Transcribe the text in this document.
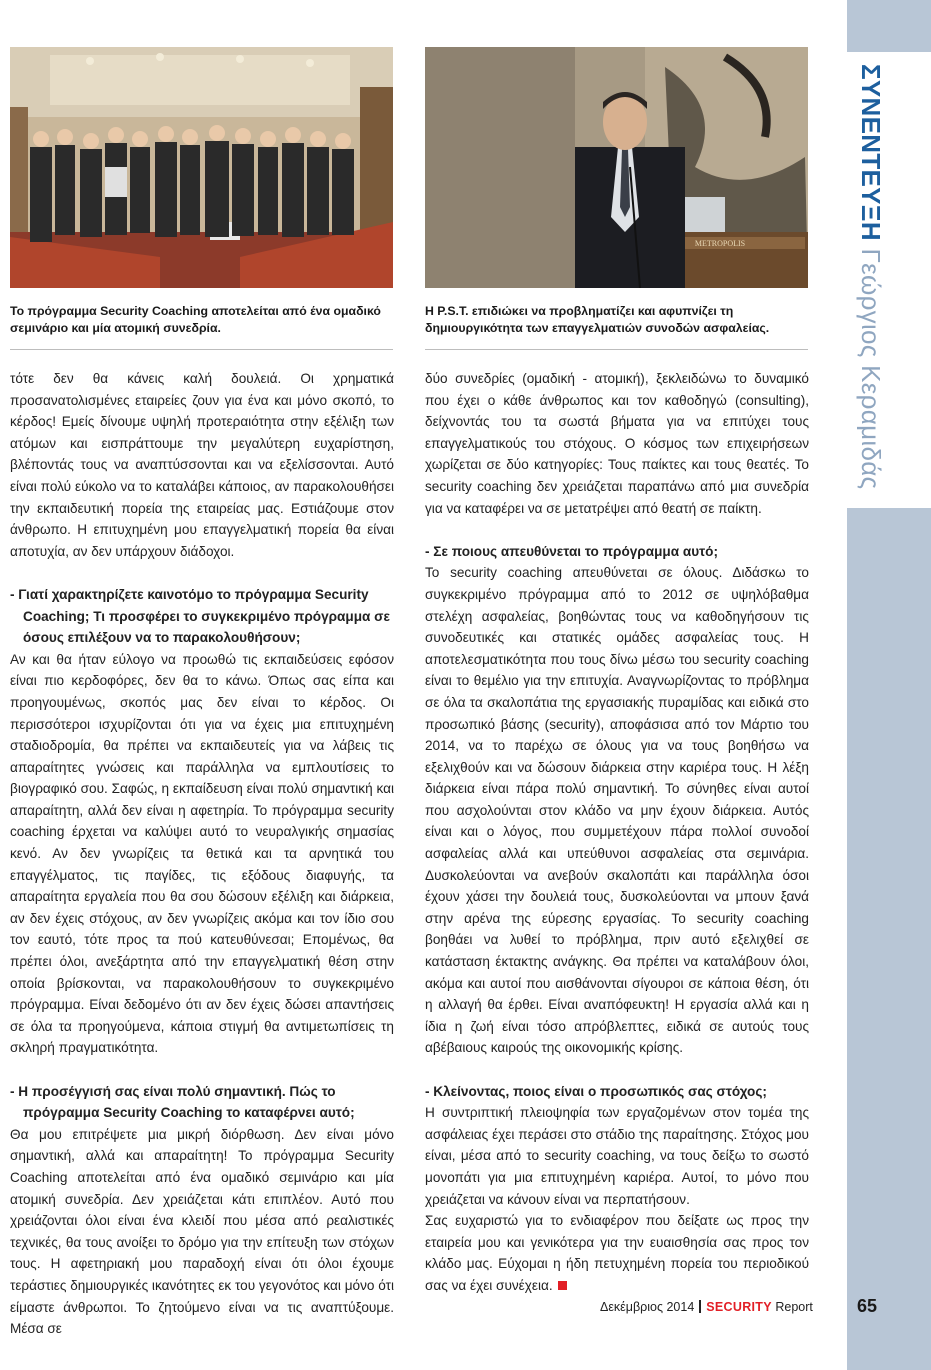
ΣΥΝΕΝΤΕΥΞΗ Γεώργιος Κεραμιδάς
METROPOLIS
Το πρόγραμμα Security Coaching αποτελείται από ένα ομαδικό σεμινάριο και μία ατομική συνεδρία.
Η P.S.T. επιδιώκει να προβληματίζει και αφυπνίζει τη δημιουργικότητα των επαγγελματιών συνοδών ασφαλείας.

τότε δεν θα κάνεις καλή δουλειά. Οι χρηματικά προσανατολισμένες εταιρείες ζουν για ένα και μόνο σκοπό, το κέρδος! Εμείς δίνουμε υψηλή προτεραιότητα στην εξέλιξη των ατόμων και εισπράττουμε την μεγαλύτερη ευχαρίστηση, βλέποντάς τους να αναπτύσσονται και να εξελίσσονται. Αυτό είναι πολύ εύκολο να το καταλάβει κάποιος, αν παρακολουθήσει την εκπαιδευτική πορεία της εταιρείας μας. Εστιάζουμε στον άνθρωπο. Η επιτυχημένη μου επαγγελματική πορεία θα είναι αποτυχία, αν δεν υπάρχουν διάδοχοι.

- Γιατί χαρακτηρίζετε καινοτόμο το πρόγραμμα Security Coaching; Τι προσφέρει το συγκεκριμένο πρόγραμμα σε όσους επιλέξουν να το παρακολουθήσουν;

Αν και θα ήταν εύλογο να προωθώ τις εκπαιδεύσεις εφόσον είναι πιο κερδοφόρες, δεν θα το κάνω. Όπως σας είπα και προηγουμένως, σκοπός μας δεν είναι το κέρδος. Οι περισσότεροι ισχυρίζονται ότι για να έχεις μια επιτυχημένη σταδιοδρομία, θα πρέπει να εκπαιδευτείς για να λάβεις τις απαραίτητες γνώσεις και παράλληλα να εμπλουτίσεις το βιογραφικό σου. Σαφώς, η εκπαίδευση είναι πολύ σημαντική και απαραίτητη, αλλά δεν είναι η αφετηρία. Το πρόγραμμα security coaching έρχεται να καλύψει αυτό το νευραλγικής σημασίας κενό. Αν δεν γνωρίζεις τα θετικά και τα αρνητικά του επαγγέλματος, τις παγίδες, τις εξόδους διαφυγής, τα απαραίτητα εργαλεία που θα σου δώσουν εξέλιξη και διάρκεια, αν δεν έχεις στόχους, αν δεν γνωρίζεις ακόμα και τον ίδιο σου τον εαυτό, τότε προς τα πού κατευθύνεσαι; Επομένως, θα πρέπει όλοι, ανεξάρτητα από την επαγγελματική θέση στην οποία βρίσκονται, να παρακολουθήσουν το συγκεκριμένο πρόγραμμα. Είναι δεδομένο ότι αν δεν έχεις δώσει απαντήσεις σε όλα τα προηγούμενα, κάποια στιγμή θα αντιμετωπίσεις τη σκληρή πραγματικότητα.

- Η προσέγγισή σας είναι πολύ σημαντική. Πώς το πρόγραμμα Security Coaching το καταφέρνει αυτό;

Θα μου επιτρέψετε μια μικρή διόρθωση. Δεν είναι μόνο σημαντική, αλλά και απαραίτητη! Το πρόγραμμα Security Coaching αποτελείται από ένα ομαδικό σεμινάριο και μία ατομική συνεδρία. Δεν χρειάζεται κάτι επιπλέον. Αυτό που χρειάζονται όλοι είναι ένα κλειδί που μέσα από ρεαλιστικές τεχνικές, θα τους ανοίξει το δρόμο για την επίτευξη των στόχων τους. Η αφετηριακή μου παραδοχή είναι ότι όλοι έχουμε τεράστιες δημιουργικές ικανότητες εκ του γεγονότος και μόνο ότι είμαστε άνθρωποι. Το ζητούμενο είναι να τις αναπτύξουμε. Μέσα σε

δύο συνεδρίες (ομαδική - ατομική), ξεκλειδώνω το δυναμικό που έχει ο κάθε άνθρωπος και τον καθοδηγώ (consulting), δείχνοντάς του τα σωστά βήματα για να επιτύχει τους επαγγελματικούς του στόχους. Ο κόσμος των επιχειρήσεων χωρίζεται σε δύο κατηγορίες: Τους παίκτες και τους θεατές. Το security coaching δεν χρειάζεται παραπάνω από μια συνεδρία για να καταφέρει να σε μετατρέψει από θεατή σε παίκτη.

- Σε ποιους απευθύνεται το πρόγραμμα αυτό;

Το security coaching απευθύνεται σε όλους. Διδάσκω το συγκεκριμένο πρόγραμμα από το 2012 σε υψηλόβαθμα στελέχη ασφαλείας, βοηθώντας τους να καθοδηγήσουν τις συνοδευτικές και στατικές ομάδες ασφαλείας τους. Η αποτελεσματικότητα που τους δίνω μέσω του security coaching είναι το θεμέλιο για την επιτυχία. Αναγνωρίζοντας το πρόβλημα σε όλα τα σκαλοπάτια της εργασιακής πυραμίδας και ειδικά στο προσωπικό βάσης (security), αποφάσισα από τον Μάρτιο του 2014, να το παρέχω σε όλους για να τους βοηθήσω να εξελιχθούν και να δώσουν διάρκεια στην καριέρα τους. Η λέξη διάρκεια είναι πάρα πολύ σημαντική. Το σύνηθες είναι αυτοί που ασχολούνται στον κλάδο να μην έχουν διάρκεια. Αυτός είναι και ο λόγος, που συμμετέχουν πάρα πολλοί συνοδοί ασφαλείας αλλά και υπεύθυνοι ασφαλείας στα σεμινάρια. Δυσκολεύονται να ανεβούν σκαλοπάτι και παράλληλα όσοι έχουν χάσει την δουλειά τους, δυσκολεύονται να μπουν ξανά στην αρένα της εύρεσης εργασίας. Το security coaching βοηθάει να λυθεί το πρόβλημα, πριν αυτό εξελιχθεί σε κατάσταση έκτακτης ανάγκης. Θα πρέπει να καταλάβουν όλοι, ακόμα και αυτοί που αισθάνονται σίγουροι σε κάποια θέση, ότι η αλλαγή θα έρθει. Είναι αναπόφευκτη! Η εργασία αλλά και η ίδια η ζωή είναι τόσο απρόβλεπτες, ειδικά σε αυτούς τους αβέβαιους καιρούς της οικονομικής κρίσης.

- Κλείνοντας, ποιος είναι ο προσωπικός σας στόχος;

Η συντριπτική πλειοψηφία των εργαζομένων στον τομέα της ασφάλειας έχει περάσει στο στάδιο της παραίτησης. Στόχος μου είναι, μέσα από το security coaching, να τους δείξω το σωστό μονοπάτι για μια επιτυχημένη καριέρα. Αυτοί, το μόνο που χρειάζεται να κάνουν είναι να περπατήσουν.

Σας ευχαριστώ για το ενδιαφέρον που δείξατε ως προς την εταιρεία μου και γενικότερα για την ευαισθησία σας προς τον κλάδο μας. Εύχομαι η ήδη πετυχημένη πορεία του περιοδικού σας να έχει συνέχεια.

Δεκέμβριος 2014 SECURITY Report	65
